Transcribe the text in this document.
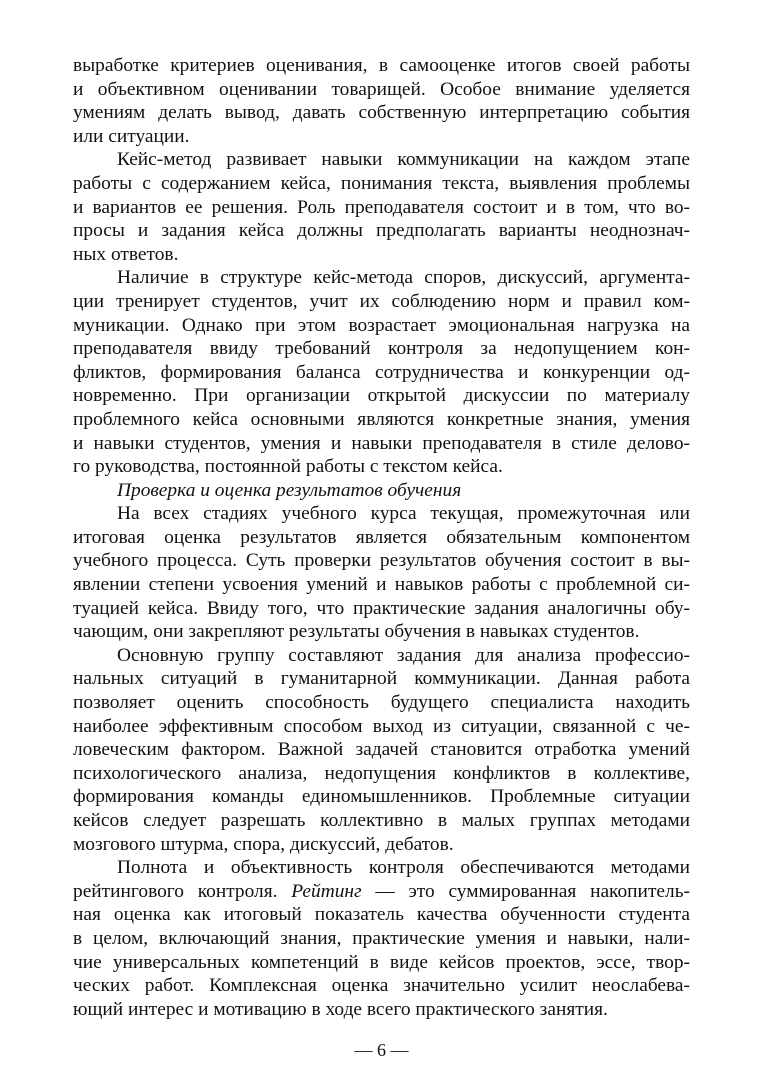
выработке критериев оценивания, в самооценке итогов своей работы
и объективном оценивании товарищей. Особое внимание уделяется
умениям делать вывод, давать собственную интерпретацию события
или ситуации.
Кейс-метод развивает навыки коммуникации на каждом этапе
работы с содержанием кейса, понимания текста, выявления проблемы
и вариантов ее решения. Роль преподавателя состоит и в том, что во-
просы и задания кейса должны предполагать варианты неоднознач-
ных ответов.
Наличие в структуре кейс-метода споров, дискуссий, аргумента-
ции тренирует студентов, учит их соблюдению норм и правил ком-
муникации. Однако при этом возрастает эмоциональная нагрузка на
преподавателя ввиду требований контроля за недопущением кон-
фликтов, формирования баланса сотрудничества и конкуренции од-
новременно. При организации открытой дискуссии по материалу
проблемного кейса основными являются конкретные знания, умения
и навыки студентов, умения и навыки преподавателя в стиле делово-
го руководства, постоянной работы с текстом кейса.
Проверка и оценка результатов обучения
На всех стадиях учебного курса текущая, промежуточная или
итоговая оценка результатов является обязательным компонентом
учебного процесса. Суть проверки результатов обучения состоит в вы-
явлении степени усвоения умений и навыков работы с проблемной си-
туацией кейса. Ввиду того, что практические задания аналогичны обу-
чающим, они закрепляют результаты обучения в навыках студентов.
Основную группу составляют задания для анализа профессио-
нальных ситуаций в гуманитарной коммуникации. Данная работа
позволяет оценить способность будущего специалиста находить
наиболее эффективным способом выход из ситуации, связанной с че-
ловеческим фактором. Важной задачей становится отработка умений
психологического анализа, недопущения конфликтов в коллективе,
формирования команды единомышленников. Проблемные ситуации
кейсов следует разрешать коллективно в малых группах методами
мозгового штурма, спора, дискуссий, дебатов.
Полнота и объективность контроля обеспечиваются методами
рейтингового контроля. Рейтинг — это суммированная накопитель-
ная оценка как итоговый показатель качества обученности студента
в целом, включающий знания, практические умения и навыки, нали-
чие универсальных компетенций в виде кейсов проектов, эссе, твор-
ческих работ. Комплексная оценка значительно усилит неослабева-
ющий интерес и мотивацию в ходе всего практического занятия.
— 6 —
